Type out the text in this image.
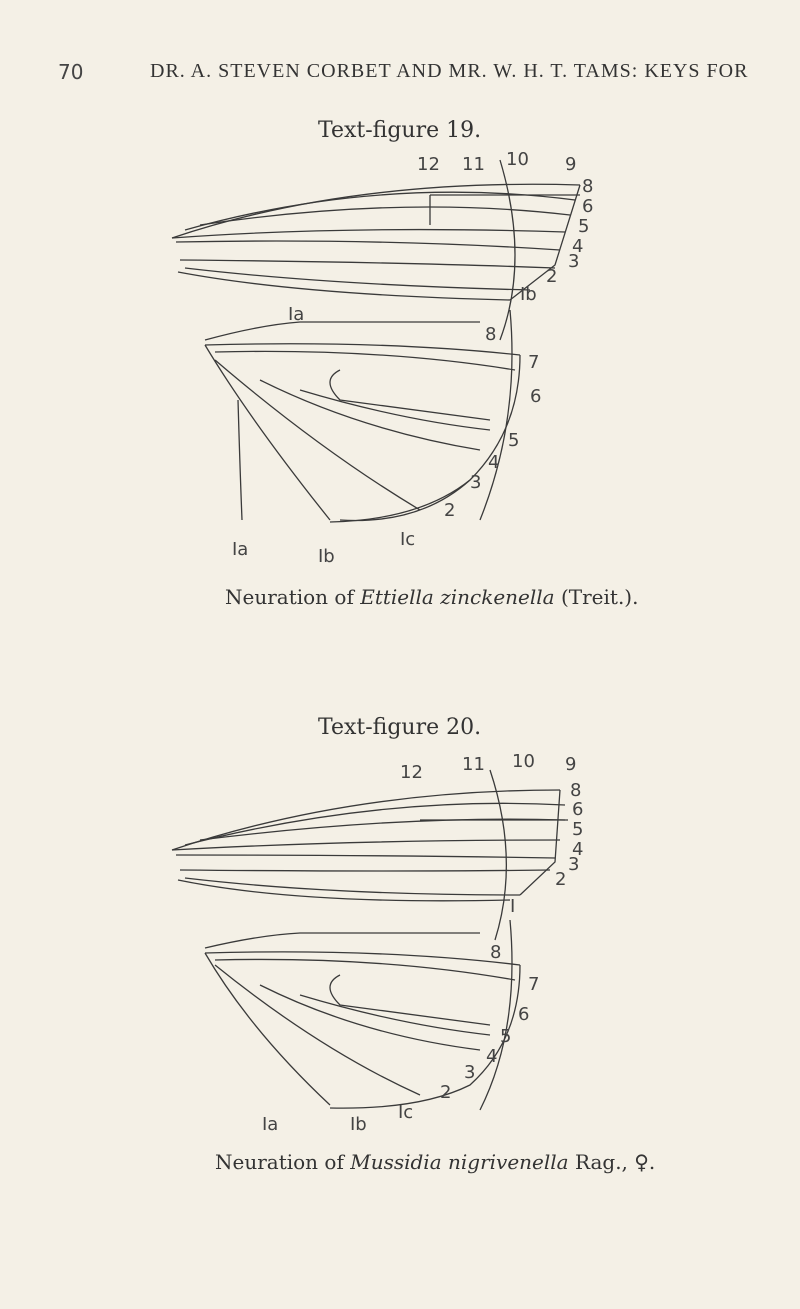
70	DR. A. STEVEN CORBET AND MR. W. H. T. TAMS: KEYS FOR
Text-figure 19.
12 11 10 9
8
6
5
4
3
2
Ib
Ia
8
7
6
5
4
3
2
Ic
Ia	Ib
Neuration of Ettiella zinckenella (Treit.).
Text-figure 20.
12 11 10 9
8
6
5
4
3
2
I
8
7
6
5
4
3
2
Ic
Ia	Ib
Neuration of Mussidia nigrivenella Rag., ♀.
